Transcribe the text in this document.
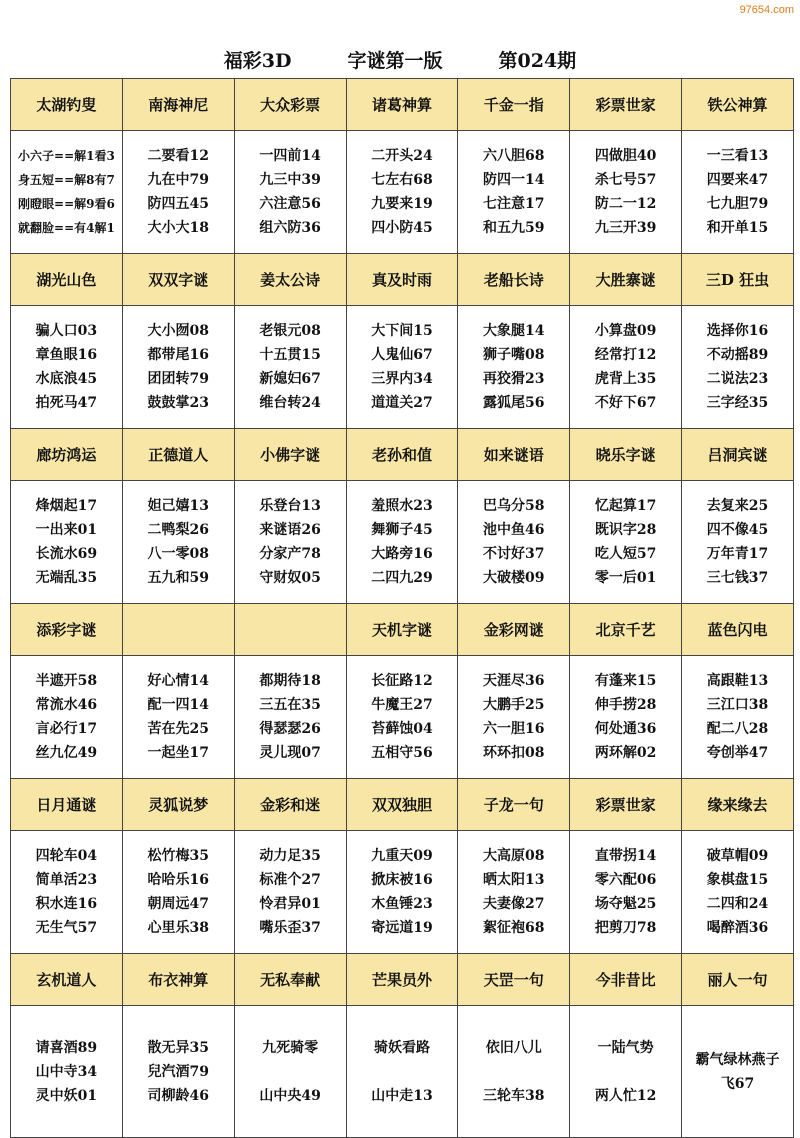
97654.com
福彩3D	字谜第一版	第024期
太湖钓叟	南海神尼	大众彩票	诸葛神算	千金一指	彩票世家	铁公神算

小六子==解1看3
身五短==解8有7
刚瞪眼==解9看6
就翻脸==有4解1	二要看12
九在中79
防四五45
大小大18	一四前14
九三中39
六注意56
组六防36	二开头24
七左右68
九要来19
四小防45	六八胆68
防四一14
七注意17
和五九59	四做胆40
杀七号57
防二一12
九三开39	一三看13
四要来47
七九胆79
和开单15

湖光山色	双双字谜	姜太公诗	真及时雨	老船长诗	大胜寨谜	三D 狂虫

骗人口03
章鱼眼16
水底浪45
拍死马47	大小囫08
都带尾16
团团转79
鼓鼓掌23	老银元08
十五贯15
新媳妇67
维台转24	大下间15
人鬼仙67
三界内34
道道关27	大象腿14
狮子嘴08
再狡猾23
露狐尾56	小算盘09
经常打12
虎背上35
不好下67	选择你16
不动摇89
二说法23
三字经35

廊坊鸿运	正德道人	小佛字谜	老孙和值	如来谜语	晓乐字谜	吕洞宾谜

烽烟起17
一出来01
长流水69
无端乱35	妲己嬉13
二鸭梨26
八一零08
五九和59	乐登台13
来谜语26
分家产78
守财奴05	羞照水23
舞狮子45
大路旁16
二四九29	巴乌分58
池中鱼46
不讨好37
大破楼09	忆起算17
既识字28
吃人短57
零一后01	去复来25
四不像45
万年青17
三七钱37

添彩字谜			天机字谜	金彩网谜	北京千艺	蓝色闪电

半遮开58
常流水46
言必行17
丝九亿49	好心情14
配一四14
苦在先25
一起坐17	都期待18
三五在35
得瑟瑟26
灵儿现07	长征路12
牛魔王27
苔藓蚀04
五相守56	天涯尽36
大鹏手25
六一胆16
环环扣08	有蓬来15
伸手捞28
何处通36
两环解02	高跟鞋13
三江口38
配二八28
夸创举47

日月通谜	灵狐说梦	金彩和迷	双双独胆	子龙一句	彩票世家	缘来缘去

四轮车04
简单活23
积水连16
无生气57	松竹梅35
哈哈乐16
朝周远47
心里乐38	动力足35
标准个27
怜君异01
嘴乐歪37	九重天09
掀床被16
木鱼锤23
寄远道19	大高原08
晒太阳13
夫妻像27
絮征袍68	直带拐14
零六配06
场夺魁25
把剪刀78	破草帽09
象棋盘15
二四和24
喝醉酒36

玄机道人	布衣神算	无私奉献	芒果员外	天罡一句	今非昔比	丽人一句

请喜酒89
山中寺34
灵中妖01	散无异35
兒汽酒79
司柳龄46	九死骑零

山中央49	骑妖看路

山中走13	依旧八儿

三轮车38	一陆气势

两人忙12	霸气绿林燕子飞67
